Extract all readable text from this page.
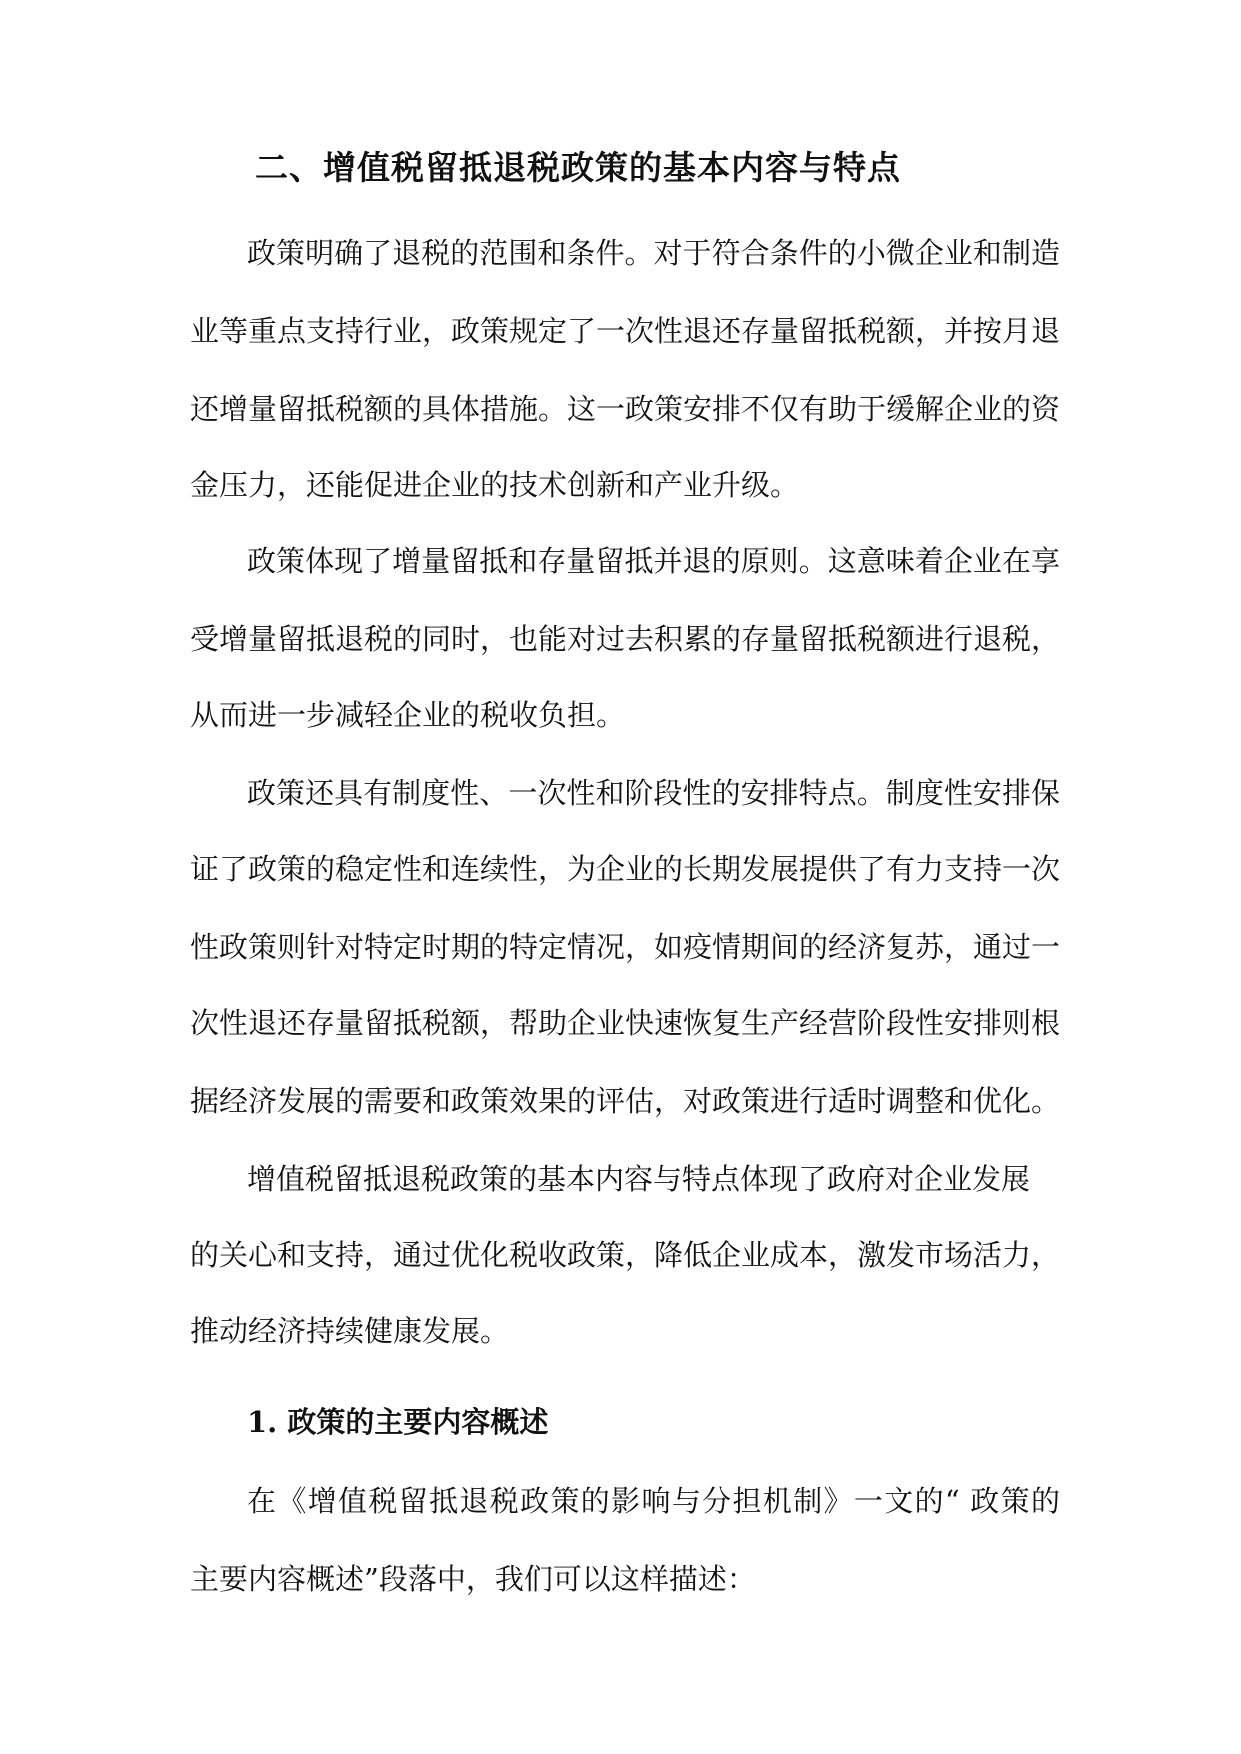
二、增值税留抵退税政策的基本内容与特点

政策明确了退税的范围和条件。对于符合条件的小微企业和制造

业等重点支持行业，政策规定了一次性退还存量留抵税额，并按月退

还增量留抵税额的具体措施。这一政策安排不仅有助于缓解企业的资

金压力，还能促进企业的技术创新和产业升级。

政策体现了增量留抵和存量留抵并退的原则。这意味着企业在享

受增量留抵退税的同时，也能对过去积累的存量留抵税额进行退税，

从而进一步减轻企业的税收负担。

政策还具有制度性、一次性和阶段性的安排特点。制度性安排保

证了政策的稳定性和连续性，为企业的长期发展提供了有力支持一次

性政策则针对特定时期的特定情况，如疫情期间的经济复苏，通过一

次性退还存量留抵税额，帮助企业快速恢复生产经营阶段性安排则根

据经济发展的需要和政策效果的评估，对政策进行适时调整和优化。

增值税留抵退税政策的基本内容与特点体现了政府对企业发展

的关心和支持，通过优化税收政策，降低企业成本，激发市场活力，

推动经济持续健康发展。

1. 政策的主要内容概述

在《增值税留抵退税政策的影响与分担机制》一文的“ 政策的

主要内容概述”段落中，我们可以这样描述：
